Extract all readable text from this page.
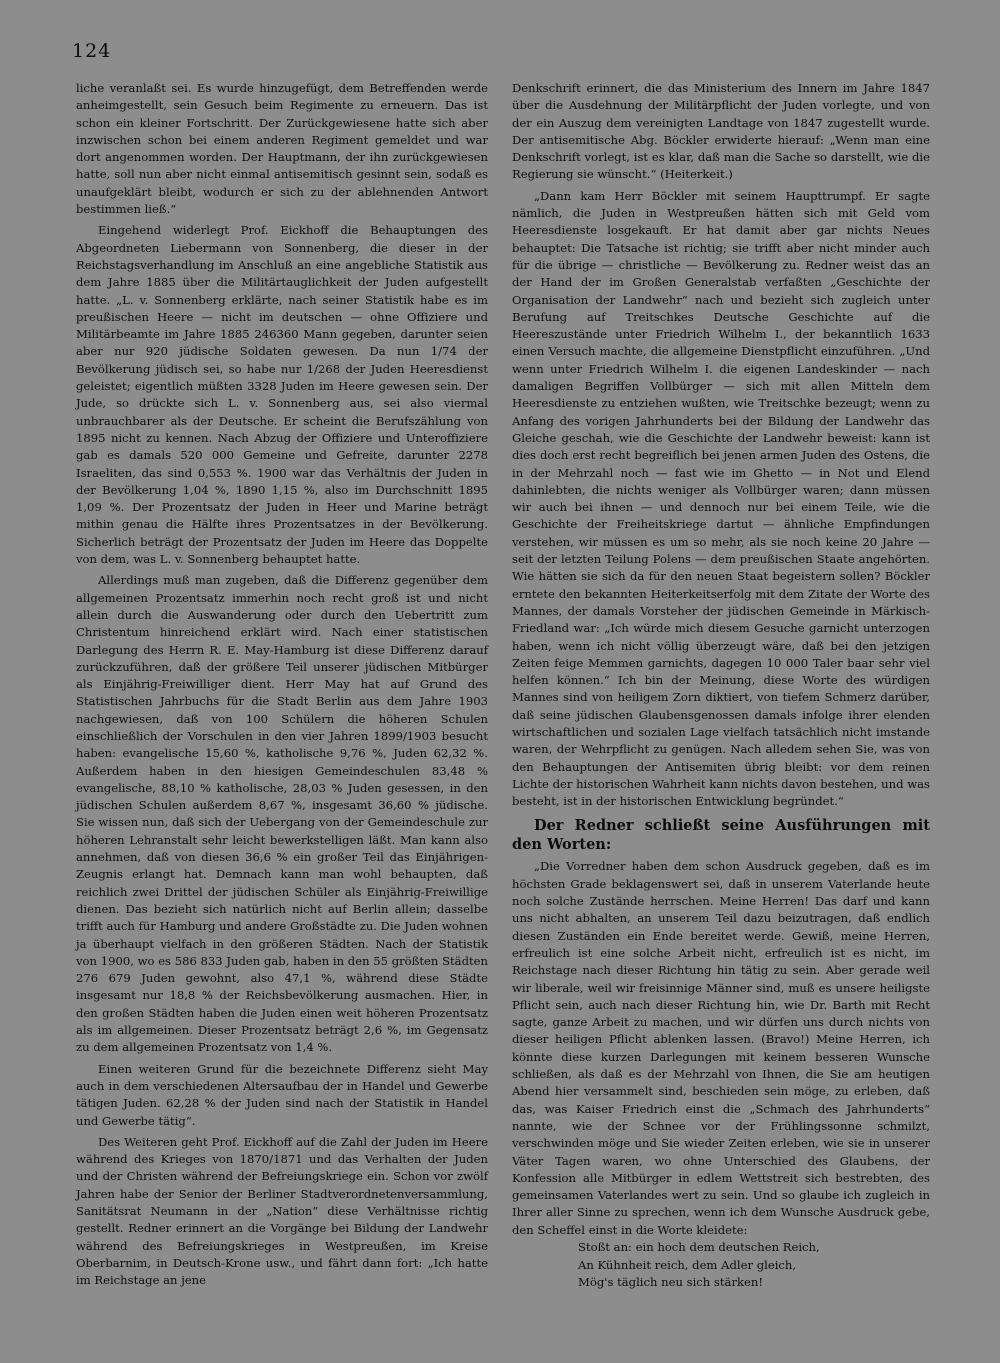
124

liche veranlaßt sei. Es wurde hinzugefügt, dem Betreffenden werde anheimgestellt, sein Gesuch beim Regimente zu erneuern. Das ist schon ein kleiner Fortschritt. Der Zurückgewiesene hatte sich aber inzwischen schon bei einem anderen Regiment gemeldet und war dort angenommen worden. Der Hauptmann, der ihn zurückgewiesen hatte, soll nun aber nicht einmal antisemitisch gesinnt sein, sodaß es unaufgeklärt bleibt, wodurch er sich zu der ablehnenden Antwort bestimmen ließ.“

Eingehend widerlegt Prof. Eickhoff die Behauptungen des Abgeordneten Liebermann von Sonnenberg, die dieser in der Reichstagsverhandlung im Anschluß an eine angebliche Statistik aus dem Jahre 1885 über die Militärtauglichkeit der Juden aufgestellt hatte. „L. v. Sonnenberg erklärte, nach seiner Statistik habe es im preußischen Heere — nicht im deutschen — ohne Offiziere und Militärbeamte im Jahre 1885 246360 Mann gegeben, darunter seien aber nur 920 jüdische Soldaten gewesen. Da nun 1/74 der Bevölkerung jüdisch sei, so habe nur 1/268 der Juden Heeresdienst geleistet; eigentlich müßten 3328 Juden im Heere gewesen sein. Der Jude, so drückte sich L. v. Sonnenberg aus, sei also viermal unbrauchbarer als der Deutsche. Er scheint die Berufszählung von 1895 nicht zu kennen. Nach Abzug der Offiziere und Unteroffiziere gab es damals 520 000 Gemeine und Gefreite, darunter 2278 Israeliten, das sind 0,553 %. 1900 war das Verhältnis der Juden in der Bevölkerung 1,04 %, 1890 1,15 %, also im Durchschnitt 1895 1,09 %. Der Prozentsatz der Juden in Heer und Marine beträgt mithin genau die Hälfte ihres Prozentsatzes in der Bevölkerung. Sicherlich beträgt der Prozentsatz der Juden im Heere das Doppelte von dem, was L. v. Sonnenberg behauptet hatte.

Allerdings muß man zugeben, daß die Differenz gegenüber dem allgemeinen Prozentsatz immerhin noch recht groß ist und nicht allein durch die Auswanderung oder durch den Uebertritt zum Christentum hinreichend erklärt wird. Nach einer statistischen Darlegung des Herrn R. E. May-Hamburg ist diese Differenz darauf zurückzuführen, daß der größere Teil unserer jüdischen Mitbürger als Einjährig-Freiwilliger dient. Herr May hat auf Grund des Statistischen Jahrbuchs für die Stadt Berlin aus dem Jahre 1903 nachgewiesen, daß von 100 Schülern die höheren Schulen einschließlich der Vorschulen in den vier Jahren 1899/1903 besucht haben: evangelische 15,60 %, katholische 9,76 %, Juden 62,32 %. Außerdem haben in den hiesigen Gemeindeschulen 83,48 % evangelische, 88,10 % katholische, 28,03 % Juden gesessen, in den jüdischen Schulen außerdem 8,67 %, insgesamt 36,60 % jüdische. Sie wissen nun, daß sich der Uebergang von der Gemeindeschule zur höheren Lehranstalt sehr leicht bewerkstelligen läßt. Man kann also annehmen, daß von diesen 36,6 % ein großer Teil das Einjährigen-Zeugnis erlangt hat. Demnach kann man wohl behaupten, daß reichlich zwei Drittel der jüdischen Schüler als Einjährig-Freiwillige dienen. Das bezieht sich natürlich nicht auf Berlin allein; dasselbe trifft auch für Hamburg und andere Großstädte zu. Die Juden wohnen ja überhaupt vielfach in den größeren Städten. Nach der Statistik von 1900, wo es 586 833 Juden gab, haben in den 55 größten Städten 276 679 Juden gewohnt, also 47,1 %, während diese Städte insgesamt nur 18,8 % der Reichsbevölkerung ausmachen. Hier, in den großen Städten haben die Juden einen weit höheren Prozentsatz als im allgemeinen. Dieser Prozentsatz beträgt 2,6 %, im Gegensatz zu dem allgemeinen Prozentsatz von 1,4 %.

Einen weiteren Grund für die bezeichnete Differenz sieht May auch in dem verschiedenen Altersaufbau der in Handel und Gewerbe tätigen Juden. 62,28 % der Juden sind nach der Statistik in Handel und Gewerbe tätig“.

Des Weiteren geht Prof. Eickhoff auf die Zahl der Juden im Heere während des Krieges von 1870/1871 und das Verhalten der Juden und der Christen während der Befreiungskriege ein. Schon vor zwölf Jahren habe der Senior der Berliner Stadtverordnetenversammlung, Sanitätsrat Neumann in der „Nation“ diese Verhältnisse richtig gestellt. Redner erinnert an die Vorgänge bei Bildung der Landwehr während des Befreiungskrieges in Westpreußen, im Kreise Oberbarnim, in Deutsch-Krone usw., und fährt dann fort: „Ich hatte im Reichstage an jene

Denkschrift erinnert, die das Ministerium des Innern im Jahre 1847 über die Ausdehnung der Militärpflicht der Juden vorlegte, und von der ein Auszug dem vereinigten Landtage von 1847 zugestellt wurde. Der antisemitische Abg. Böckler erwiderte hierauf: „Wenn man eine Denkschrift vorlegt, ist es klar, daß man die Sache so darstellt, wie die Regierung sie wünscht.“ (Heiterkeit.)

„Dann kam Herr Böckler mit seinem Haupttrumpf. Er sagte nämlich, die Juden in Westpreußen hätten sich mit Geld vom Heeresdienste losgekauft. Er hat damit aber gar nichts Neues behauptet: Die Tatsache ist richtig; sie trifft aber nicht minder auch für die übrige — christliche — Bevölkerung zu. Redner weist das an der Hand der im Großen Generalstab verfaßten „Geschichte der Organisation der Landwehr“ nach und bezieht sich zugleich unter Berufung auf Treitschkes Deutsche Geschichte auf die Heereszustände unter Friedrich Wilhelm I., der bekanntlich 1633 einen Versuch machte, die allgemeine Dienstpflicht einzuführen. „Und wenn unter Friedrich Wilhelm I. die eigenen Landeskinder — nach damaligen Begriffen Vollbürger — sich mit allen Mitteln dem Heeresdienste zu entziehen wußten, wie Treitschke bezeugt; wenn zu Anfang des vorigen Jahrhunderts bei der Bildung der Landwehr das Gleiche geschah, wie die Geschichte der Landwehr beweist: kann ist dies doch erst recht begreiflich bei jenen armen Juden des Ostens, die in der Mehrzahl noch — fast wie im Ghetto — in Not und Elend dahinlebten, die nichts weniger als Vollbürger waren; dann müssen wir auch bei ihnen — und dennoch nur bei einem Teile, wie die Geschichte der Freiheitskriege dartut — ähnliche Empfindungen verstehen, wir müssen es um so mehr, als sie noch keine 20 Jahre — seit der letzten Teilung Polens — dem preußischen Staate angehörten. Wie hätten sie sich da für den neuen Staat begeistern sollen? Böckler erntete den bekannten Heiterkeitserfolg mit dem Zitate der Worte des Mannes, der damals Vorsteher der jüdischen Gemeinde in Märkisch-Friedland war: „Ich würde mich diesem Gesuche garnicht unterzogen haben, wenn ich nicht völlig überzeugt wäre, daß bei den jetzigen Zeiten feige Memmen garnichts, dagegen 10 000 Taler baar sehr viel helfen können.“ Ich bin der Meinung, diese Worte des würdigen Mannes sind von heiligem Zorn diktiert, von tiefem Schmerz darüber, daß seine jüdischen Glaubensgenossen damals infolge ihrer elenden wirtschaftlichen und sozialen Lage vielfach tatsächlich nicht imstande waren, der Wehrpflicht zu genügen. Nach alledem sehen Sie, was von den Behauptungen der Antisemiten übrig bleibt: vor dem reinen Lichte der historischen Wahrheit kann nichts davon bestehen, und was besteht, ist in der historischen Entwicklung begründet.“

Der Redner schließt seine Ausführungen mit den Worten:

„Die Vorredner haben dem schon Ausdruck gegeben, daß es im höchsten Grade beklagenswert sei, daß in unserem Vaterlande heute noch solche Zustände herrschen. Meine Herren! Das darf und kann uns nicht abhalten, an unserem Teil dazu beizutragen, daß endlich diesen Zuständen ein Ende bereitet werde. Gewiß, meine Herren, erfreulich ist eine solche Arbeit nicht, erfreulich ist es nicht, im Reichstage nach dieser Richtung hin tätig zu sein. Aber gerade weil wir liberale, weil wir freisinnige Männer sind, muß es unsere heiligste Pflicht sein, auch nach dieser Richtung hin, wie Dr. Barth mit Recht sagte, ganze Arbeit zu machen, und wir dürfen uns durch nichts von dieser heiligen Pflicht ablenken lassen. (Bravo!) Meine Herren, ich könnte diese kurzen Darlegungen mit keinem besseren Wunsche schließen, als daß es der Mehrzahl von Ihnen, die Sie am heutigen Abend hier versammelt sind, beschieden sein möge, zu erleben, daß das, was Kaiser Friedrich einst die „Schmach des Jahrhunderts“ nannte, wie der Schnee vor der Frühlingssonne schmilzt, verschwinden möge und Sie wieder Zeiten erleben, wie sie in unserer Väter Tagen waren, wo ohne Unterschied des Glaubens, der Konfession alle Mitbürger in edlem Wettstreit sich bestrebten, des gemeinsamen Vaterlandes wert zu sein. Und so glaube ich zugleich in Ihrer aller Sinne zu sprechen, wenn ich dem Wunsche Ausdruck gebe, den Scheffel einst in die Worte kleidete:

Stoßt an: ein hoch dem deutschen Reich,
An Kühnheit reich, dem Adler gleich,
Mög's täglich neu sich stärken!
